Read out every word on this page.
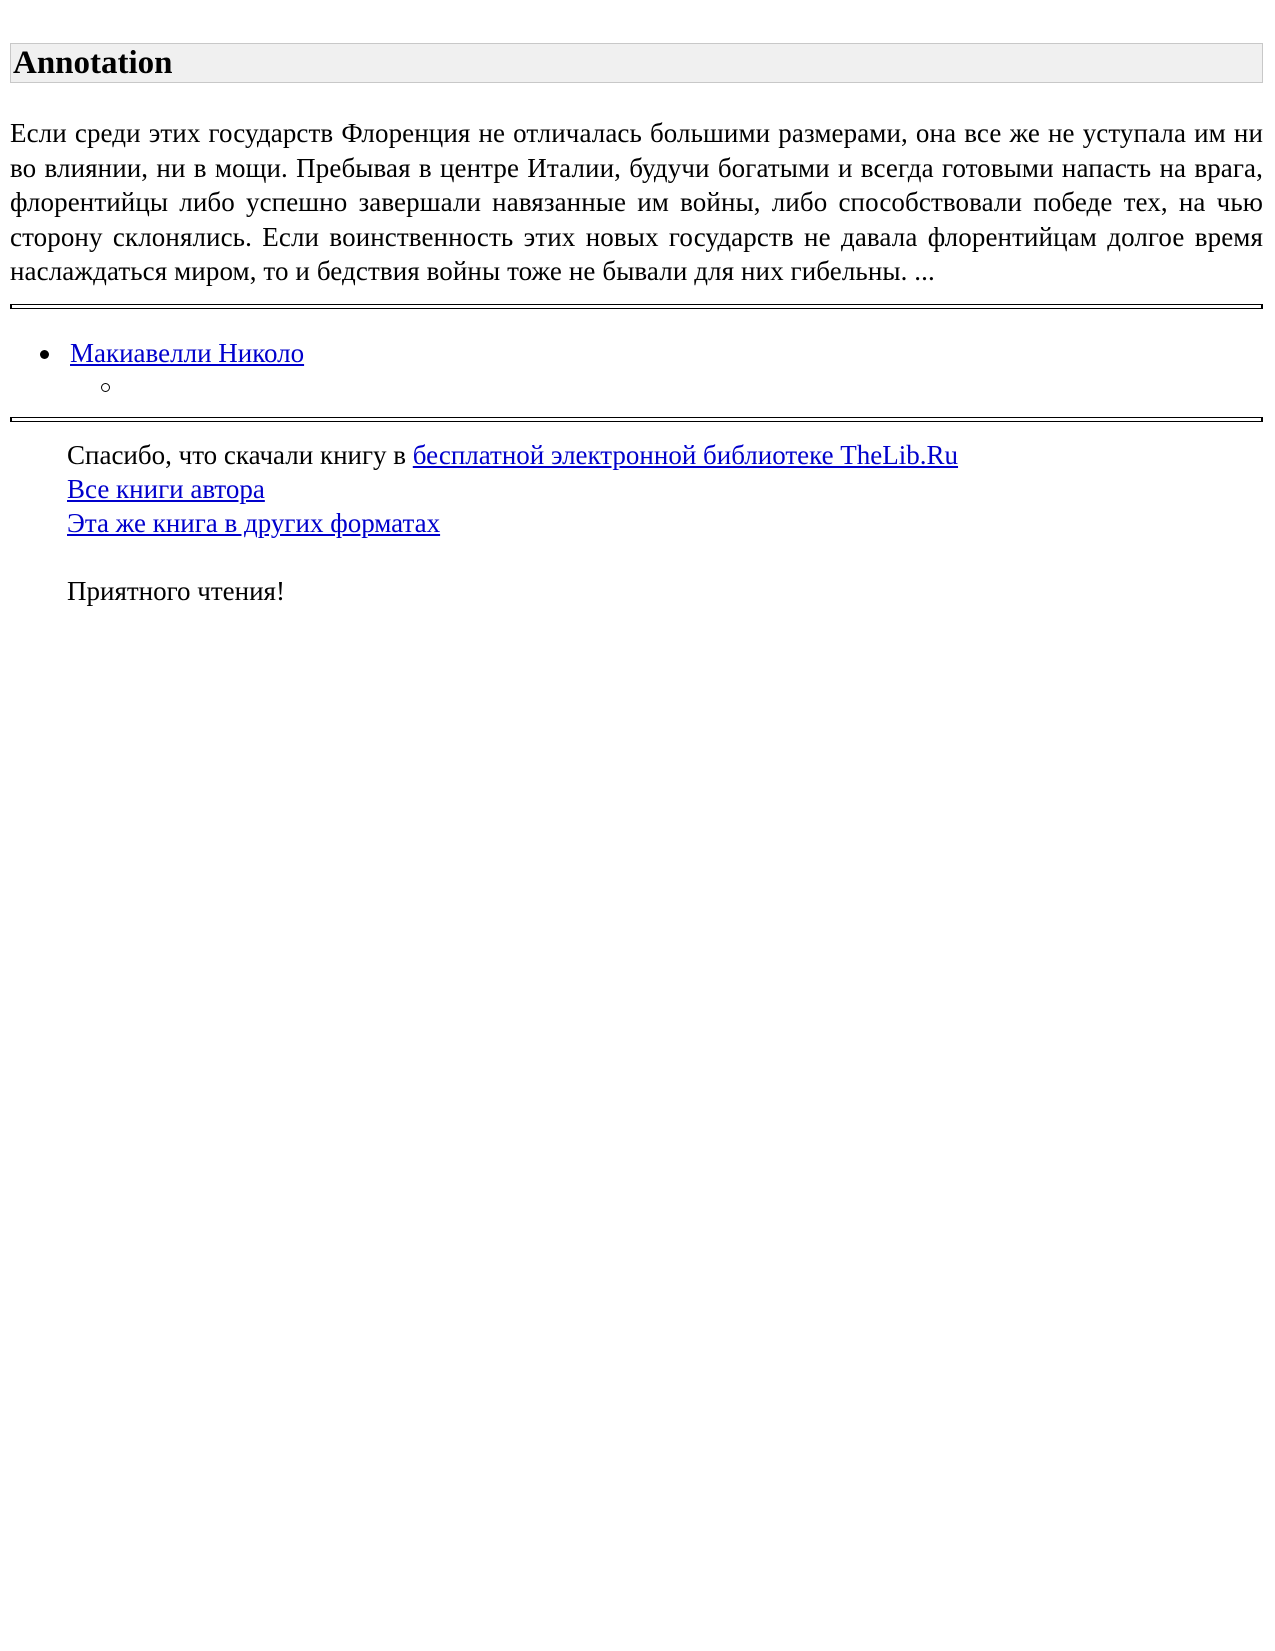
Annotation

Если среди этих государств Флоренция не отличалась большими размерами, она все же не уступала им ни во влиянии, ни в мощи. Пребывая в центре Италии, будучи богатыми и всегда готовыми напасть на врага, флорентийцы либо успешно завершали навязанные им войны, либо способствовали победе тех, на чью сторону склонялись. Если воинственность этих новых государств не давала флорентийцам долгое время наслаждаться миром, то и бедствия войны тоже не бывали для них гибельны. ...

Макиавелли Николо
Спасибо, что скачали книгу в бесплатной электронной библиотеке TheLib.Ru
Все книги автора
Эта же книга в других форматах
Приятного чтения!
